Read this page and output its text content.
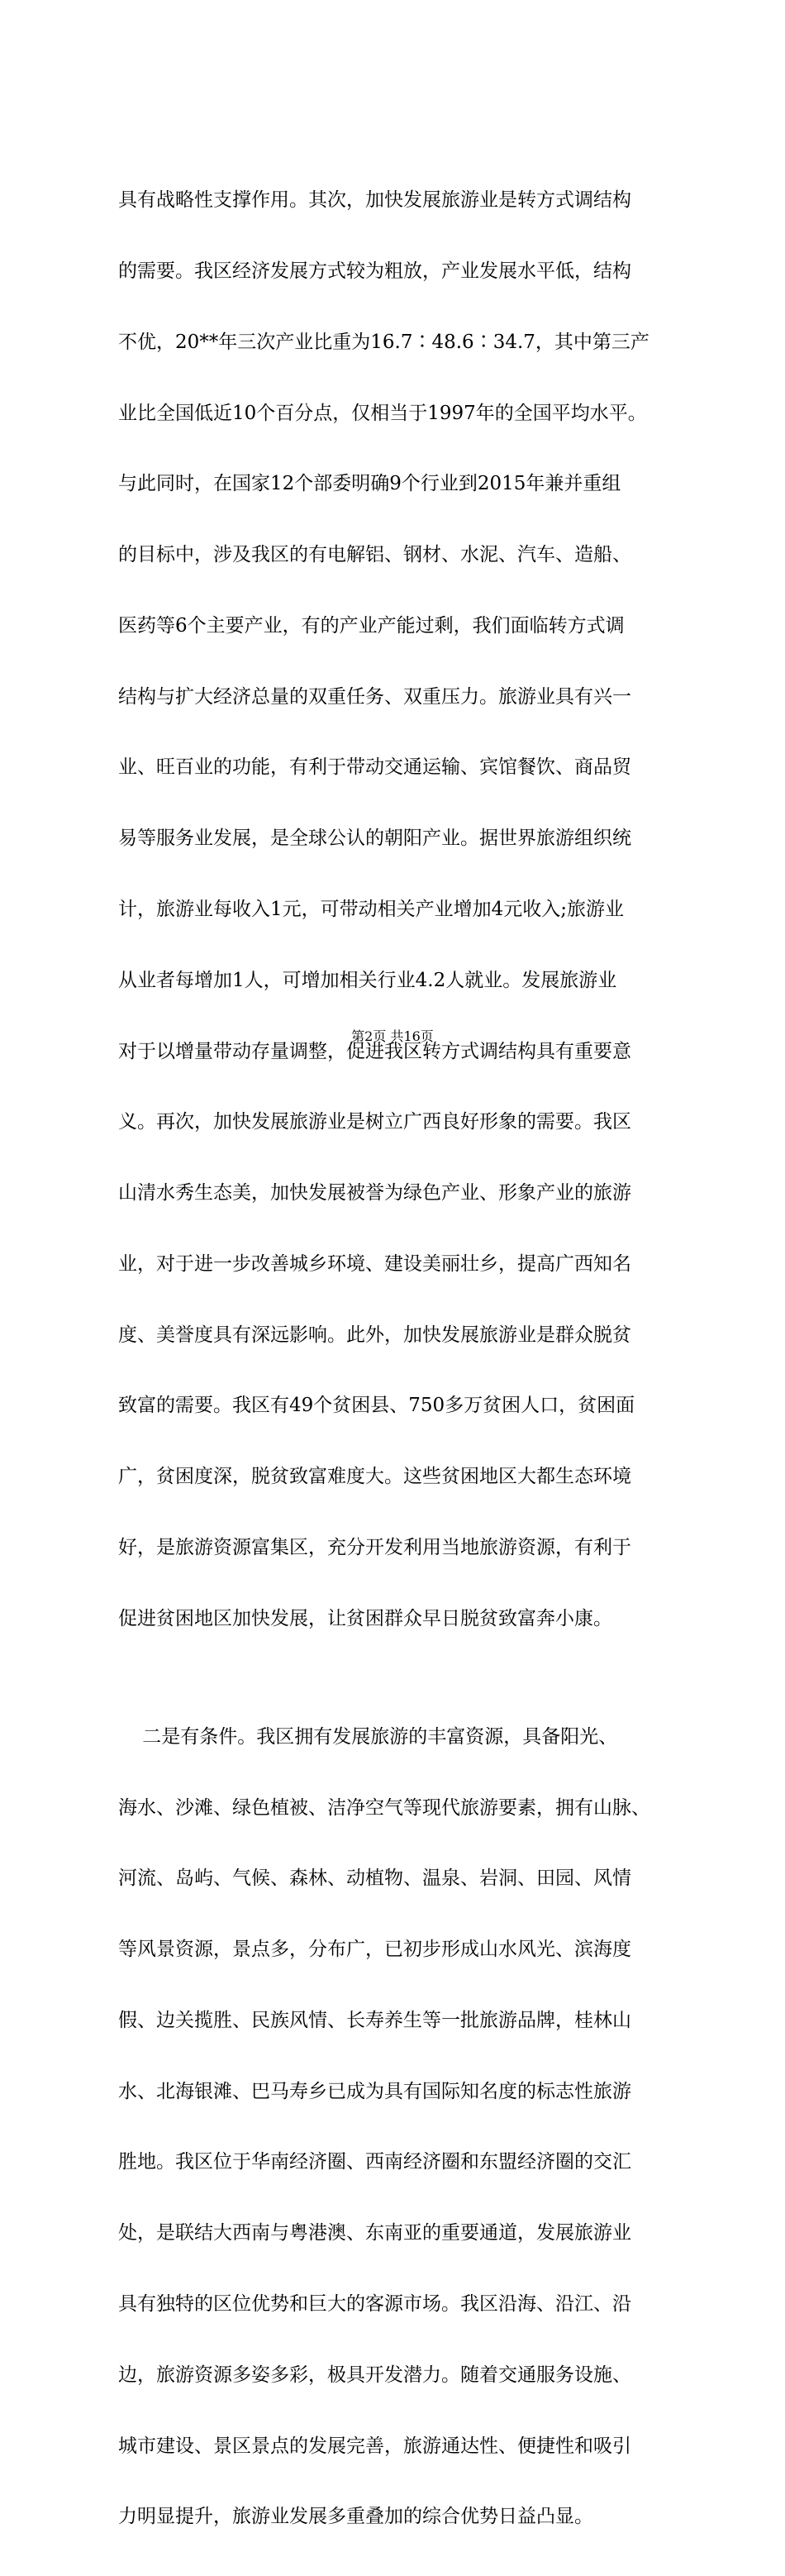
具有战略性支撑作用。其次，加快发展旅游业是转方式调结构

的需要。我区经济发展方式较为粗放，产业发展水平低，结构

不优，20**年三次产业比重为16.7∶48.6∶34.7，其中第三产

业比全国低近10个百分点，仅相当于1997年的全国平均水平。

与此同时，在国家12个部委明确9个行业到2015年兼并重组

的目标中，涉及我区的有电解铝、钢材、水泥、汽车、造船、

医药等6个主要产业，有的产业产能过剩，我们面临转方式调

结构与扩大经济总量的双重任务、双重压力。旅游业具有兴一

业、旺百业的功能，有利于带动交通运输、宾馆餐饮、商品贸

易等服务业发展，是全球公认的朝阳产业。据世界旅游组织统

计，旅游业每收入1元，可带动相关产业增加4元收入;旅游业

从业者每增加1人，可增加相关行业4.2人就业。发展旅游业

对于以增量带动存量调整，促进我区转方式调结构具有重要意

义。再次，加快发展旅游业是树立广西良好形象的需要。我区

山清水秀生态美，加快发展被誉为绿色产业、形象产业的旅游

业，对于进一步改善城乡环境、建设美丽壮乡，提高广西知名

度、美誉度具有深远影响。此外，加快发展旅游业是群众脱贫

致富的需要。我区有49个贫困县、750多万贫困人口，贫困面

广，贫困度深，脱贫致富难度大。这些贫困地区大都生态环境

好，是旅游资源富集区，充分开发利用当地旅游资源，有利于

促进贫困地区加快发展，让贫困群众早日脱贫致富奔小康。

二是有条件。我区拥有发展旅游的丰富资源，具备阳光、

海水、沙滩、绿色植被、洁净空气等现代旅游要素，拥有山脉、

河流、岛屿、气候、森林、动植物、温泉、岩洞、田园、风情

等风景资源，景点多，分布广，已初步形成山水风光、滨海度

假、边关揽胜、民族风情、长寿养生等一批旅游品牌，桂林山

水、北海银滩、巴马寿乡已成为具有国际知名度的标志性旅游

胜地。我区位于华南经济圈、西南经济圈和东盟经济圈的交汇

处，是联结大西南与粤港澳、东南亚的重要通道，发展旅游业

具有独特的区位优势和巨大的客源市场。我区沿海、沿江、沿

边，旅游资源多姿多彩，极具开发潜力。随着交通服务设施、

城市建设、景区景点的发展完善，旅游通达性、便捷性和吸引

力明显提升，旅游业发展多重叠加的综合优势日益凸显。

第2页 共16页
